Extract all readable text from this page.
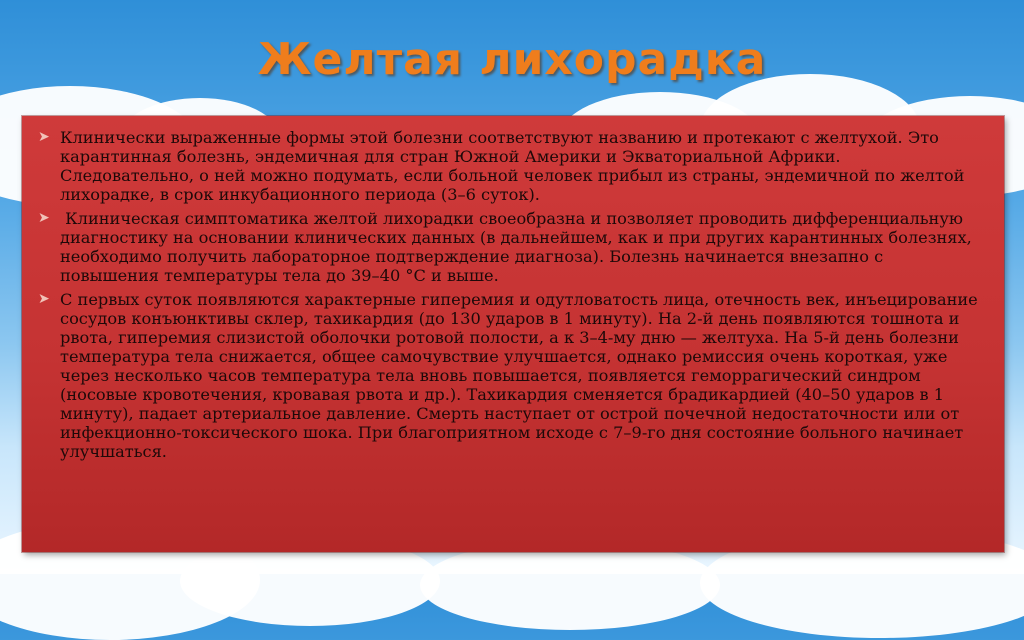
Желтая лихорадка
➤ Клинически выраженные формы этой болезни соответствуют названию и протекают с желтухой. Это карантинная болезнь, эндемичная для стран Южной Америки и Экваториальной Африки. Следовательно, о ней можно подумать, если больной человек прибыл из страны, эндемичной по желтой лихорадке, в срок инкубационного периода (3–6 суток).
➤ Клиническая симптоматика желтой лихорадки своеобразна и позволяет проводить дифференциальную диагностику на основании клинических данных (в дальнейшем, как и при других карантинных болезнях, необходимо получить лабораторное подтверждение диагноза). Болезнь начинается внезапно с повышения температуры тела до 39–40 °С и выше.
➤ С первых суток появляются характерные гиперемия и одутловатость лица, отечность век, инъецирование сосудов конъюнктивы склер, тахикардия (до 130 ударов в 1 минуту). На 2-й день появляются тошнота и рвота, гиперемия слизистой оболочки ротовой полости, а к 3–4-му дню — желтуха. На 5-й день болезни температура тела снижается, общее самочувствие улучшается, однако ремиссия очень короткая, уже через несколько часов температура тела вновь повышается, появляется геморрагический синдром (носовые кровотечения, кровавая рвота и др.). Тахикардия сменяется брадикардией (40–50 ударов в 1 минуту), падает артериальное давление. Смерть наступает от острой почечной недостаточности или от инфекционно-токсического шока. При благоприятном исходе с 7–9-го дня состояние больного начинает улучшаться.
